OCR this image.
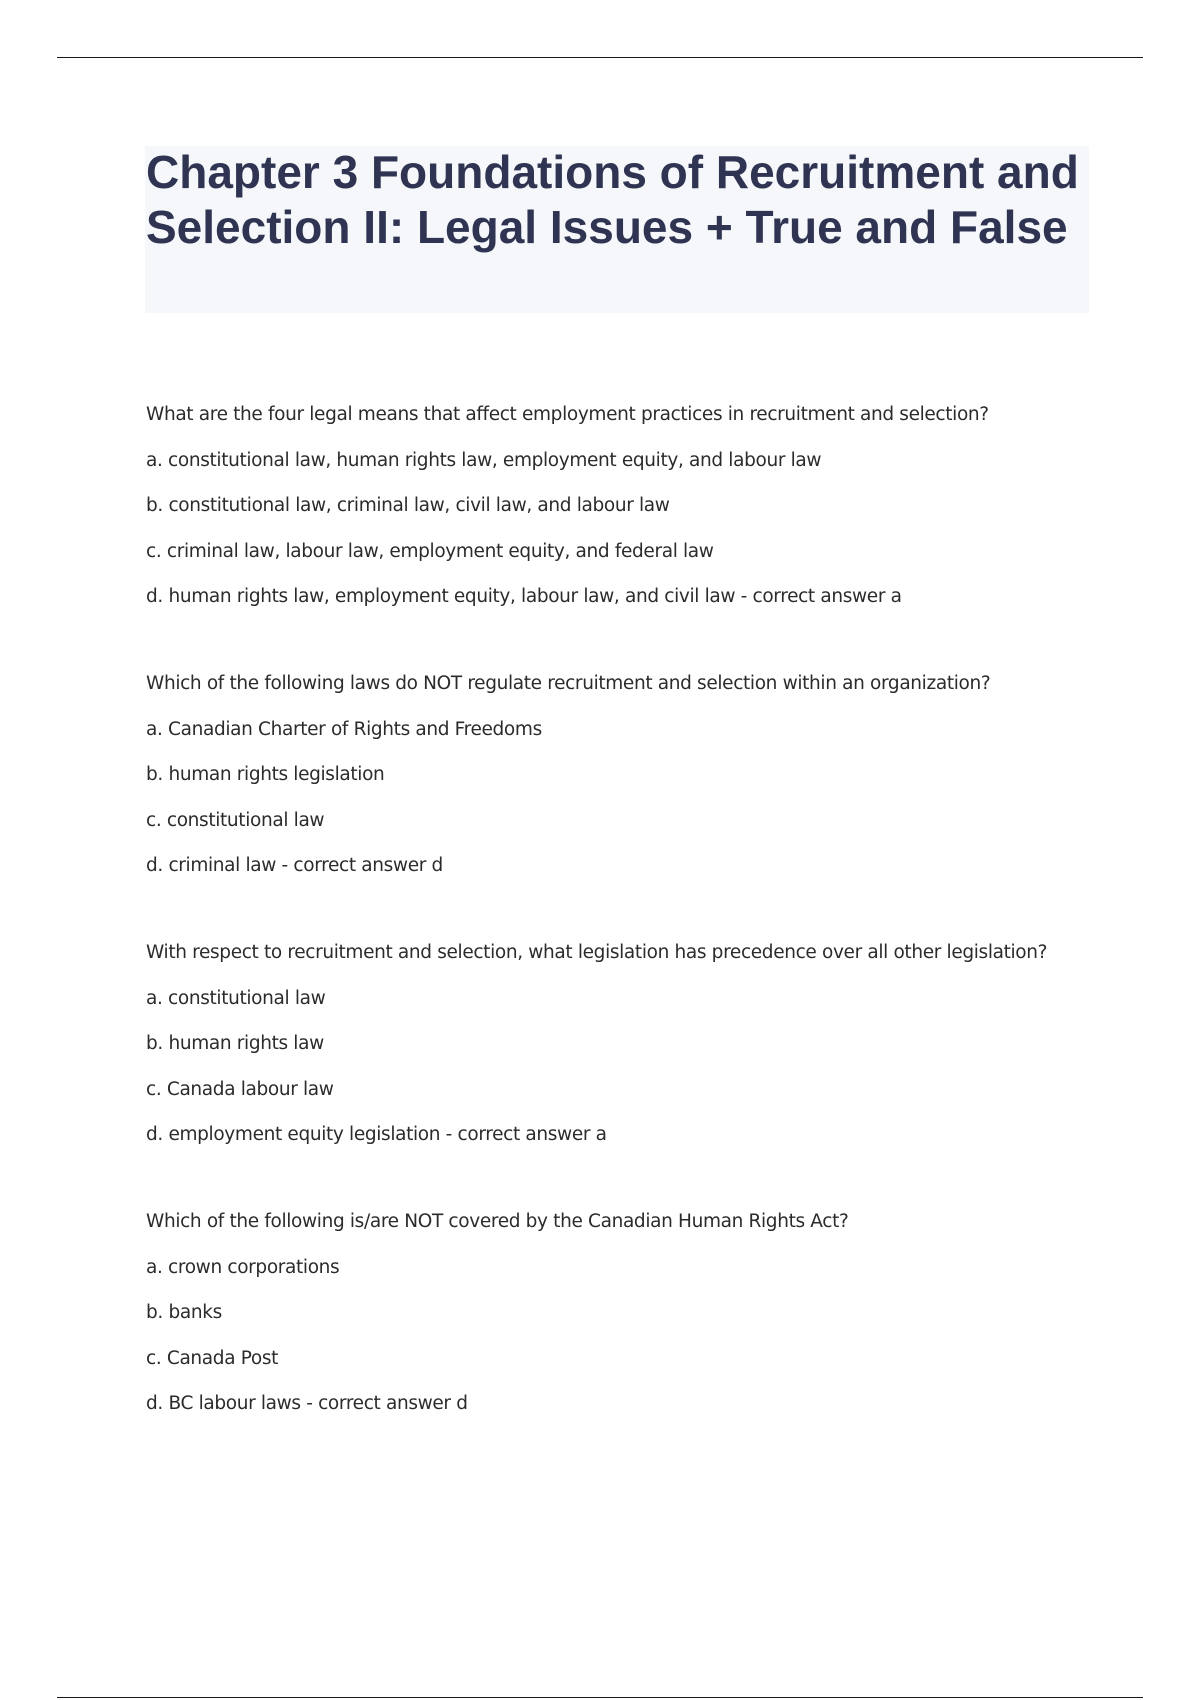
Chapter 3 Foundations of Recruitment and Selection II: Legal Issues + True and False
What are the four legal means that affect employment practices in recruitment and selection?
a. constitutional law, human rights law, employment equity, and labour law
b. constitutional law, criminal law, civil law, and labour law
c. criminal law, labour law, employment equity, and federal law
d. human rights law, employment equity, labour law, and civil law - correct answer a
Which of the following laws do NOT regulate recruitment and selection within an organization?
a. Canadian Charter of Rights and Freedoms
b. human rights legislation
c. constitutional law
d. criminal law - correct answer d
With respect to recruitment and selection, what legislation has precedence over all other legislation?
a. constitutional law
b. human rights law
c. Canada labour law
d. employment equity legislation - correct answer a
Which of the following is/are NOT covered by the Canadian Human Rights Act?
a. crown corporations
b. banks
c. Canada Post
d. BC labour laws - correct answer d
